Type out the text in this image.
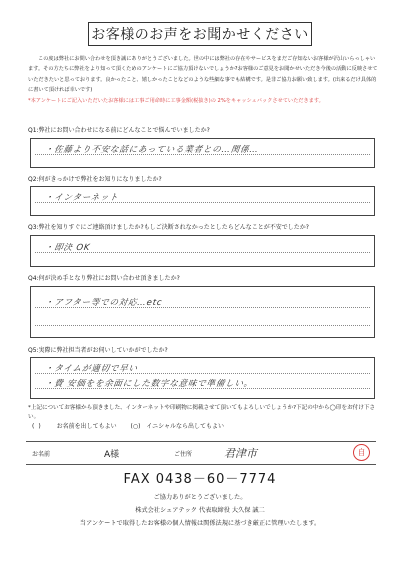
お客様のお声をお聞かせください
この度は弊社にお問い合わせを頂き誠にありがとうございました。世の中には弊社の存在やサービスをまだご存知ないお客様が沢山いらっしゃいます。その方たちに弊社をより知って頂くためのアンケートにご協力頂けないでしょうか?お客様のご意見をお聞かせいただき今後の活動に反映させていただきたいと思っております。良かったこと、嬉しかったことなどのような些細な事でも結構です。是非ご協力お願い致します。(出来るだけ具体的に書いて頂ければ幸いです)
*本アンケートにご記入いただいたお客様には工事ご用命時に工事金額(税抜き)の 2%をキャッシュバックさせていただきます。
Q1:弊社にお問い合わせになる前にどんなことで悩んでいましたか?
・佐藤より不安な話にあっている業者との…関係…
Q2:何がきっかけで弊社をお知りになりましたか?
・インターネット
Q3:弊社を知りすぐにご連絡頂けましたか?もしご決断されなかったとしたらどんなことが不安でしたか?
・即決 OK
Q4:何が決め手となり弊社にお問い合わせ頂きましたか?
・アフター等での対応…etc
Q5:実際に弊社担当者がお伺いしていかがでしたか?
・タイムが適切で早い
・費 安価をを余面にした数字な意味で準備しい。
*上記についてお客様から頂きました、インターネットや印刷物に掲載させて頂いてもよろしいでしょうか?下記の中から◯印をお付け下さい。
( )	お名前を出してもよい (○) イニシャルなら出してもよい
お名前	A様	ご住所	君津市	自
FAX 0438－60－7774
ご協力ありがとうございました。
株式会社シェアテック 代表取締役 大久保 誠二
当アンケートで取得したお客様の個人情報は関係法規に基づき厳正に管理いたします。
